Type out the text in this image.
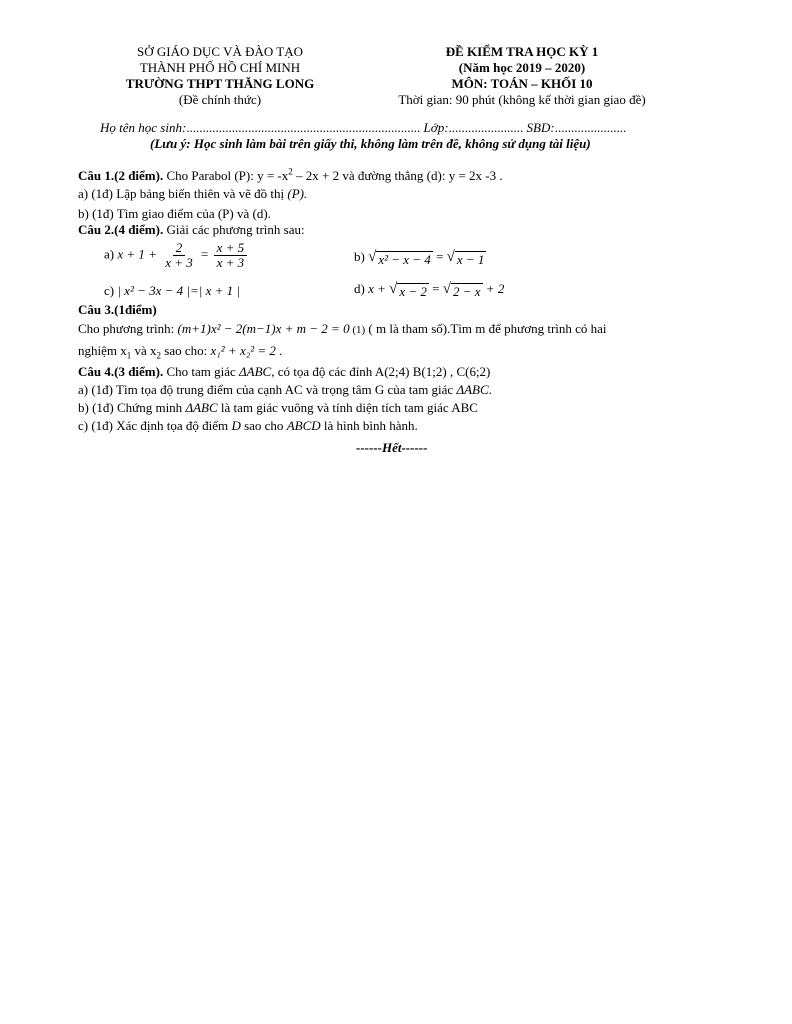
SỞ GIÁO DỤC VÀ ĐÀO TẠO
THÀNH PHỐ HỒ CHÍ MINH
TRƯỜNG THPT THĂNG LONG
(Đề chính thức)
ĐỀ KIỂM TRA HỌC KỲ 1
(Năm học 2019 – 2020)
MÔN: TOÁN – KHỐI 10
Thời gian: 90 phút (không kể thời gian giao đề)
Họ tên học sinh:........................................................................ Lớp:....................... SBD:......................
(Lưu ý: Học sinh làm bài trên giấy thi, không làm trên đề, không sử dụng tài liệu)
Câu 1.(2 điểm). Cho Parabol (P): $y = -x^2 - 2x + 2$ và đường thẳng (d): y = 2x -3 .
a) (1đ) Lập bảng biến thiên và vẽ đồ thị (P).
b) (1đ) Tìm giao điểm của (P) và (d).
Câu 2.(4 điểm). Giải các phương trình sau:
a) $x + 1 + \frac{2}{x + 3} = \frac{x + 5}{x + 3}$	b) √ x² − x − 4 = √ x − 1
c) | x² − 3x − 4 |=| x + 1 |	d) x + √ x − 2 = √ 2 − x + 2
Câu 3.(1điểm)
Cho phương trình: (m+1)x² − 2(m−1)x + m − 2 = 0 (1) ( m là tham số).Tìm m để phương trình có hai
nghiệm $x_1$ và $x_2$ sao cho: x₁² + x₂² = 2 .
Câu 4.(3 điểm). Cho tam giác ΔABC, có tọa độ các đỉnh A(2;4) B(1;2) , C(6;2)
a) (1đ) Tìm tọa độ trung điểm của cạnh AC và trọng tâm G của tam giác ΔABC.
b) (1đ) Chứng minh ΔABC là tam giác vuông và tính diện tích tam giác ABC
c) (1đ) Xác định tọa độ điểm D sao cho ABCD là hình bình hành.
------Hết------
